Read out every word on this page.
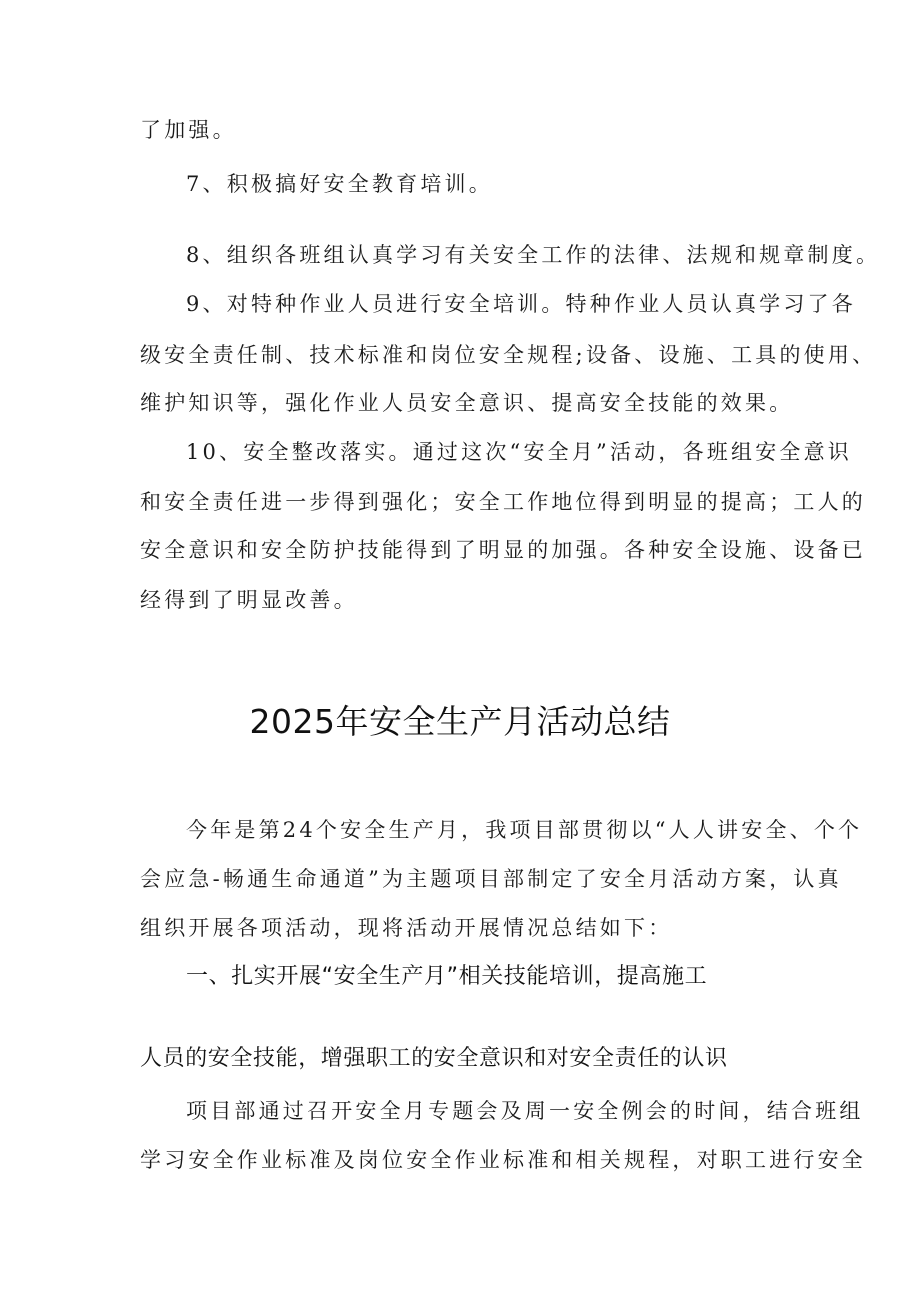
了加强。
7、积极搞好安全教育培训。
8、组织各班组认真学习有关安全工作的法律、法规和规章制度。
9、对特种作业人员进行安全培训。特种作业人员认真学习了各
级安全责任制、技术标准和岗位安全规程;设备、设施、工具的使用、
维护知识等，强化作业人员安全意识、提高安全技能的效果。
10、安全整改落实。通过这次“安全月”活动，各班组安全意识
和安全责任进一步得到强化；安全工作地位得到明显的提高；工人的
安全意识和安全防护技能得到了明显的加强。各种安全设施、设备已
经得到了明显改善。
2025年安全生产月活动总结
今年是第24个安全生产月，我项目部贯彻以“人人讲安全、个个
会应急-畅通生命通道”为主题项目部制定了安全月活动方案，认真
组织开展各项活动，现将活动开展情况总结如下：
一、扎实开展“安全生产月”相关技能培训，提高施工
人员的安全技能，增强职工的安全意识和对安全责任的认识
项目部通过召开安全月专题会及周一安全例会的时间，结合班组
学习安全作业标准及岗位安全作业标准和相关规程，对职工进行安全
